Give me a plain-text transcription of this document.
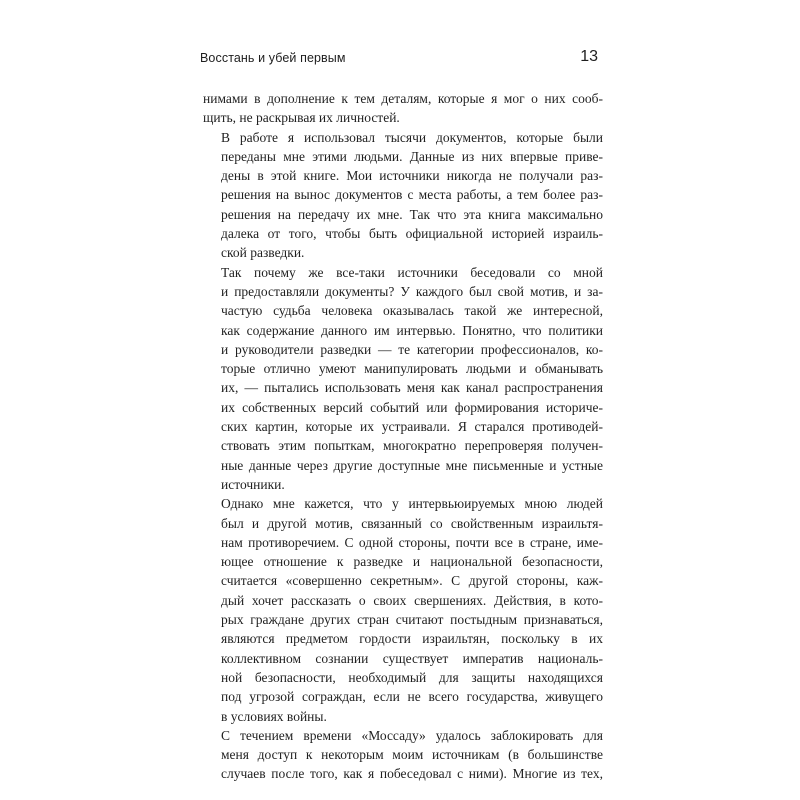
Восстань и убей первым	13

нимами в дополнение к тем деталям, которые я мог о них сооб-
щить, не раскрывая их личностей.

В работе я использовал тысячи документов, которые были
переданы мне этими людьми. Данные из них впервые приве-
дены в этой книге. Мои источники никогда не получали раз-
решения на вынос документов с места работы, а тем более раз-
решения на передачу их мне. Так что эта книга максимально
далека от того, чтобы быть официальной историей израиль-
ской разведки.

Так почему же все-таки источники беседовали со мной
и предоставляли документы? У каждого был свой мотив, и за-
частую судьба человека оказывалась такой же интересной,
как содержание данного им интервью. Понятно, что политики
и руководители разведки — те категории профессионалов, ко-
торые отлично умеют манипулировать людьми и обманывать
их, — пытались использовать меня как канал распространения
их собственных версий событий или формирования историче-
ских картин, которые их устраивали. Я старался противодей-
ствовать этим попыткам, многократно перепроверяя получен-
ные данные через другие доступные мне письменные и устные
источники.

Однако мне кажется, что у интервьюируемых мною людей
был и другой мотив, связанный со свойственным израильтя-
нам противоречием. С одной стороны, почти все в стране, име-
ющее отношение к разведке и национальной безопасности,
считается «совершенно секретным». С другой стороны, каж-
дый хочет рассказать о своих свершениях. Действия, в кото-
рых граждане других стран считают постыдным признаваться,
являются предметом гордости израильтян, поскольку в их
коллективном сознании существует императив националь-
ной безопасности, необходимый для защиты находящихся
под угрозой сограждан, если не всего государства, живущего
в условиях войны.

С течением времени «Моссаду» удалось заблокировать для
меня доступ к некоторым моим источникам (в большинстве
случаев после того, как я побеседовал с ними). Многие из тех,
